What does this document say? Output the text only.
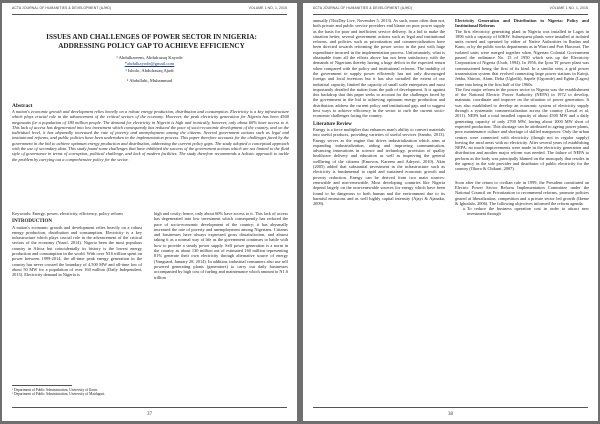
ACTA JOURNAL OF HUMANITIES & DEVELOPMENT (AJHD)	VOLUME 1 NO. 1, 2015
ISSUES AND CHALLENGES OF POWER SECTOR IN NIGERIA:
ADDRESSING POLICY GAP TO ACHIEVE EFFICIENCY
¹ Abdulkareem, Abdulrazaq Kayode
*abdulkayode@gmail.com
¹ Isholo, Abdulrasaq Ajadi
² Abdullahi, Muhammad
Abstract
A nation's economic growth and development relies heavily on a robust energy production, distribution and consumption. Electricity is a key infrastructure which plays crucial role in the advancement of the critical sectors of the economy. However, the peak electricity generation for Nigeria has been 4500 megawatts for a population of 180 million people. The demand for electricity in Nigeria is high and ironically, however, only about 60% have access to it. This lack of access has degenerated into low investment which consequently has reduced the pace of socio-economic development of the country, and on the individual level, it has abysmally increased the rate of poverty and unemployment among the citizens. Several government actions such as legal and institutional reforms, and public policies have been undertaken in the implementation process. This paper therefore accounts for the challenges faced by the government in the bid to achieve optimum energy production and distribution, addressing the current policy gaps. The study adopted a conceptual approach with the use of secondary data. This study found some challenges that have inhibited the success of the government actions which are not limited to the fluid style of governance in terms of corruption, political challenge, and lack of modern facilities. The study therefore recommends a holistic approach to tackle the problem by carrying out a comprehensive policy for the sector.

Keywords: Energy, power, electricity, efficiency, policy reform

INTRODUCTION

A nation's economic growth and development relies heavily on a robust energy production, distribution and consumption. Electricity is a key infrastructure which plays crucial role in the advancement of the critical sectors of the economy (Yusuf, 2014). Nigeria been the most populous country in Africa but coincidentally its history is the lowest energy production and consumption in the world. With over N16 trillion spent on power between 1999-2014, the all-time peak energy generation in the country has never crossed the boundary of 4,500 MW and all-time low of about 50 MW for a population of over 160 million (Daily Independent, 2015). Electricity demand in Nigeria is

high and costly; hence, only about 60% have access to it. This lack of access has degenerated into low investment which consequently has reduced the pace of socio-economic development of the country; it has abysmally increased the rate of poverty and unemployment among Nigerians. Citizens and businesses have always expressed gross dissatisfaction, and almost taking it as a normal way of life as the government continues to battle with how to provide a steady power supply. Self power generation is a norm in the country as about 130 million out of estimated 160 million representing 81% generate their own electricity through alternative source of energy (Vanguard, January 28, 2014). In addition, industrial consumers also use self powered generating plants (generators) to carry out daily businesses accompanied by high cost of fueling and maintenance which amount to N1.6 trillion

¹ Department of Public Administration, University of Ilorin.
² Department of Public Administration, University of Maiduguri.
37
ACTA JOURNAL OF HUMANITIES & DEVELOPMENT (AJHD)	VOLUME 1 NO. 1, 2015

annually (ThisDay Live, November 5, 2013). As such, more often than not, both private and public service providers end blame on poor power supply as the basis for poor and inefficient service delivery. In a bid to make the situation better, several government actions such as legal and institutional reforms, and policies such as privatization and commercialization have been directed towards reforming the power sector in the past with huge expenditure incurred in the implementation process. Unfortunately, what is obtainable from all the efforts above has not been satisfactory with the demands of Nigerians thereby having a huge deficit in the expected return when compared with the policy and institutional reforms. The inability of the government to supply power efficiently has not only discouraged foreign and local investors but it has also curtailed the extent of our industrial capacity, limited the capacity of small scale enterprises and most importantly derailed the nation from the path of development. It is against this backdrop that this paper seeks to account for the challenges faced by the government in the bid to achieving optimum energy production and distribution, address the current policy and institutional gap, and to suggest best ways to achieve efficiency in the sector to curb the current socio-economic challenges facing the country.

Literature Review

Energy is a force multiplier that enhances man's ability to convert materials into useful products, providing varieties of useful services (Sambo, 2013). Energy serves as the engine that drives industrialization which aims at expanding industrialization, aiding and improving communication, advancing innovations in science and technology, provision of quality healthcare delivery and education as well as improving the general wellbeing of the citizens (Emovon, Kareem and Adeyeri, 2010). Akin (2005) added that substantial investment in the infrastructure such as electricity is fundamental to rapid and sustained economic growth and poverty reduction. Energy can be derived from two main sources: renewable and non-renewable. Most developing countries like Nigeria depend largely on the non-renewable sources for energy which have been found to be dangerous to both human and the environment due to its harmful emissions and as well highly capital intensity (Ajayi & Ajanaku, 2009).

Electricity Generation and Distribution in Nigeria: Policy and Institutional Reforms

The first electricity generating plant in Nigeria was installed in Lagos in 1896 with a capacity of 60KW. Subsequent plants were installed at isolated units owned and operated by either of Native Authorities in Ibadan and Kano, or by the public works departments as in Warri and Port Harcourt. The isolated units were merged together when Nigerian Colonial Government passed the ordinance No. 15 of 1950 which sets up the Electricity Corporation of Nigeria (Usoh, 1994). In 1956, the Ijora 'B' power plant was commissioned being the first of its kind. In a similar vein, a grid power transmission system that evolved connecting large power stations in Kainji, Jebba, Shiroro, Afam, Delta (Ughelli), Sapele (Ogorode) and Egbin (Lagos) came into being in the first half of the 1960s.

The first major reform in the power sector in Nigeria was the establishment of the National Electric Power Authority (NEPA) in 1972 to develop, maintain, coordinate and improve on the situation of power generation. It was also established to develop an economic system of electricity supply through a systematic commercialization across the country (Lawal et al, 2011). NEPA had a total installed capacity of about 4500 MW and a daily generating capacity of only 2700 MW, having about 1000 MW short of expected production. This shortage can be attributed to ageing power plants, poor maintenance culture and shortage of skilled manpower. Only the urban centres were connected with electricity (though not in regular supply) leaving the rural areas with no electricity. After several years of establishing NEPA, no much improvements were made in the electricity generation and distribution and another major reform was needed. The failure of NEPA to perform as the body was principally blamed on the monopoly that resides in the agency as the sole provider and distributor of public electricity for the country (Okoro & Chikuni, 2007).

Soon after the return to civilian rule in 1999, the President constituted an Electric Power Sector Reform Implementation Committee under the National Council on Privatization to recommend reforms, promote policies geared at liberalization, competition and a private sector led growth (Ikeme & Ighodalo, 2006). The following objectives informed the reform agenda:

a. To reduce the business operation cost in order to attract new investment through
38
